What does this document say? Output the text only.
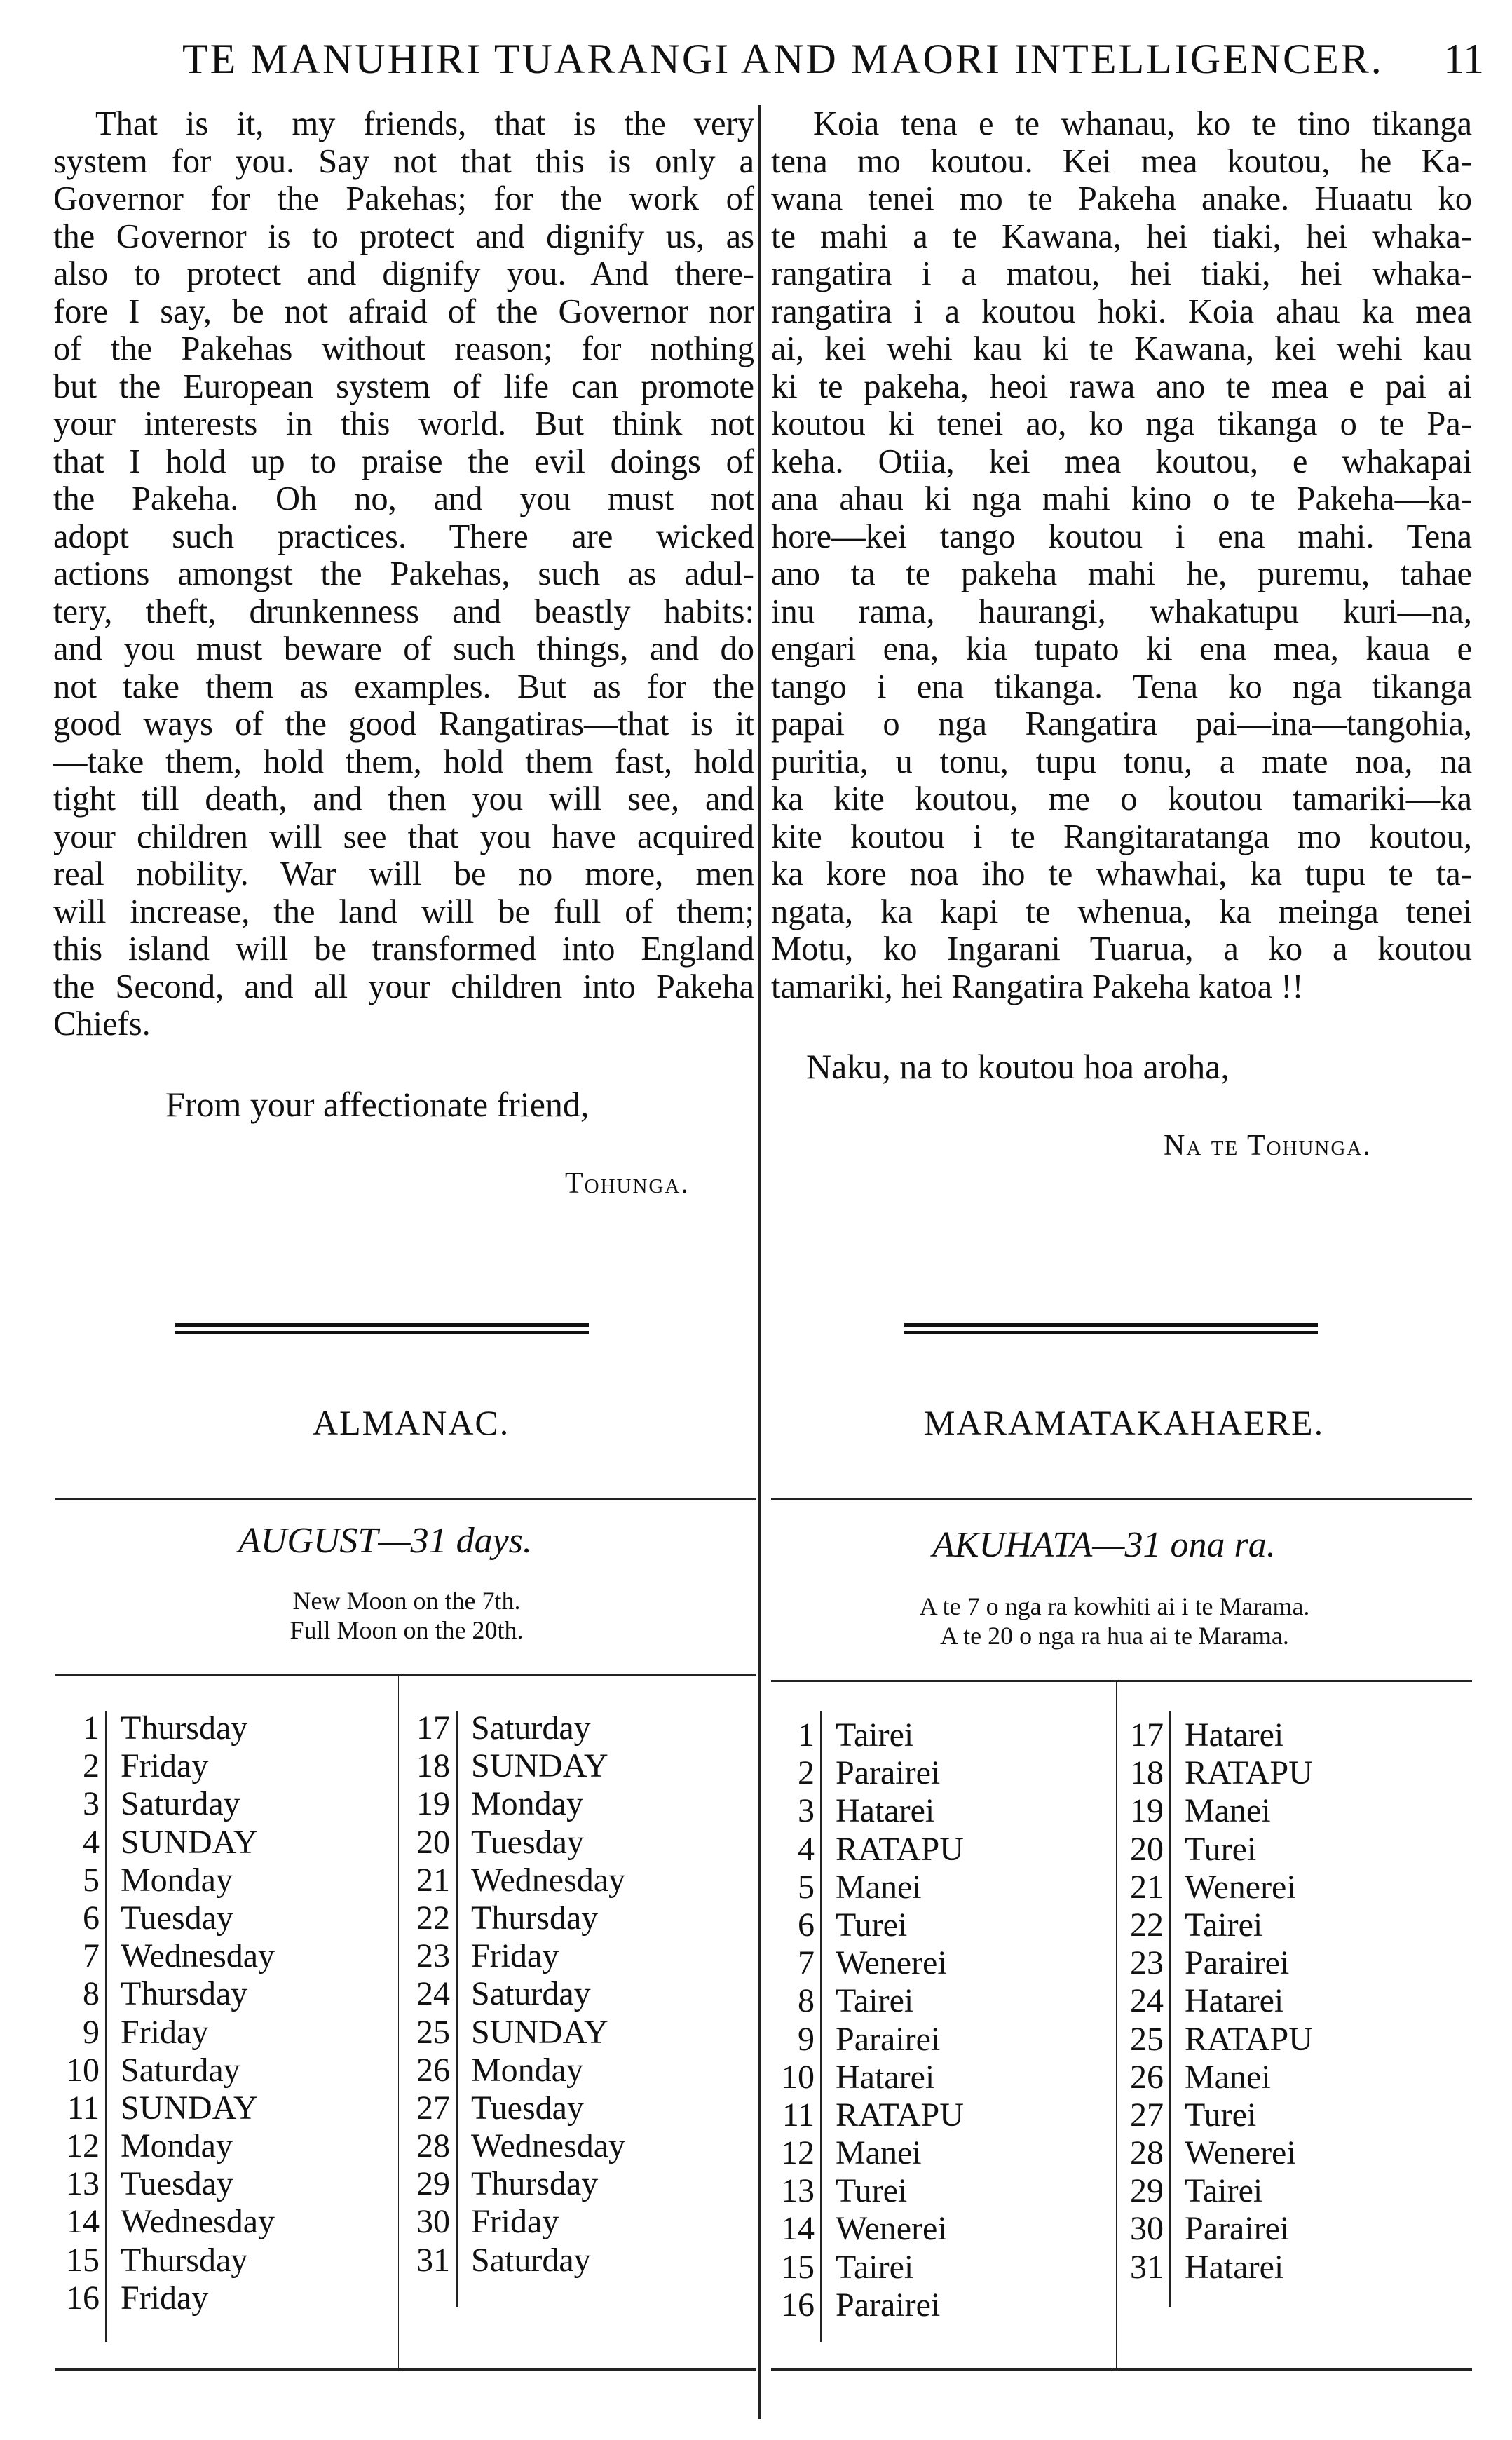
TE MANUHIRI TUARANGI AND MAORI INTELLIGENCER. 11

That is it, my friends, that is the very

system for you. Say not that this is only a

Governor for the Pakehas; for the work of

the Governor is to protect and dignify us, as

also to protect and dignify you. And there-

fore I say, be not afraid of the Governor nor

of the Pakehas without reason; for nothing

but the European system of life can promote

your interests in this world. But think not

that I hold up to praise the evil doings of

the Pakeha. Oh no, and you must not

adopt such practices. There are wicked

actions amongst the Pakehas, such as adul-

tery, theft, drunkenness and beastly habits:

and you must beware of such things, and do

not take them as examples. But as for the

good ways of the good Rangatiras—that is it

—take them, hold them, hold them fast, hold

tight till death, and then you will see, and

your children will see that you have acquired

real nobility. War will be no more, men

will increase, the land will be full of them;

this island will be transformed into England

the Second, and all your children into Pakeha

Chiefs.

From your affectionate friend,
Tohunga.

Koia tena e te whanau, ko te tino tikanga

tena mo koutou. Kei mea koutou, he Ka-

wana tenei mo te Pakeha anake. Huaatu ko

te mahi a te Kawana, hei tiaki, hei whaka-

rangatira i a matou, hei tiaki, hei whaka-

rangatira i a koutou hoki. Koia ahau ka mea

ai, kei wehi kau ki te Kawana, kei wehi kau

ki te pakeha, heoi rawa ano te mea e pai ai

koutou ki tenei ao, ko nga tikanga o te Pa-

keha. Otiia, kei mea koutou, e whakapai

ana ahau ki nga mahi kino o te Pakeha—ka-

hore—kei tango koutou i ena mahi. Tena

ano ta te pakeha mahi he, puremu, tahae

inu rama, haurangi, whakatupu kuri—na,

engari ena, kia tupato ki ena mea, kaua e

tango i ena tikanga. Tena ko nga tikanga

papai o nga Rangatira pai—ina—tangohia,

puritia, u tonu, tupu tonu, a mate noa, na

ka kite koutou, me o koutou tamariki—ka

kite koutou i te Rangitaratanga mo koutou,

ka kore noa iho te whawhai, ka tupu te ta-

ngata, ka kapi te whenua, ka meinga tenei

Motu, ko Ingarani Tuarua, a ko a koutou

tamariki, hei Rangatira Pakeha katoa !!

Naku, na to koutou hoa aroha,
Na te Tohunga.
ALMANAC.	MARAMATAKAHAERE.
AUGUST—31 days.	AKUHATA—31 ona ra.
New Moon on the 7th.
Full Moon on the 20th.
A te 7 o nga ra kowhiti ai i te Marama.
A te 20 o nga ra hua ai te Marama.
1 Thursday
2 Friday
3 Saturday
4 SUNDAY
5 Monday
6 Tuesday
7 Wednesday
8 Thursday
9 Friday
10 Saturday
11 SUNDAY
12 Monday
13 Tuesday
14 Wednesday
15 Thursday
16 Friday
17 Saturday
18 SUNDAY
19 Monday
20 Tuesday
21 Wednesday
22 Thursday
23 Friday
24 Saturday
25 SUNDAY
26 Monday
27 Tuesday
28 Wednesday
29 Thursday
30 Friday
31 Saturday
1 Tairei
2 Parairei
3 Hatarei
4 RATAPU
5 Manei
6 Turei
7 Wenerei
8 Tairei
9 Parairei
10 Hatarei
11 RATAPU
12 Manei
13 Turei
14 Wenerei
15 Tairei
16 Parairei
17 Hatarei
18 RATAPU
19 Manei
20 Turei
21 Wenerei
22 Tairei
23 Parairei
24 Hatarei
25 RATAPU
26 Manei
27 Turei
28 Wenerei
29 Tairei
30 Parairei
31 Hatarei
